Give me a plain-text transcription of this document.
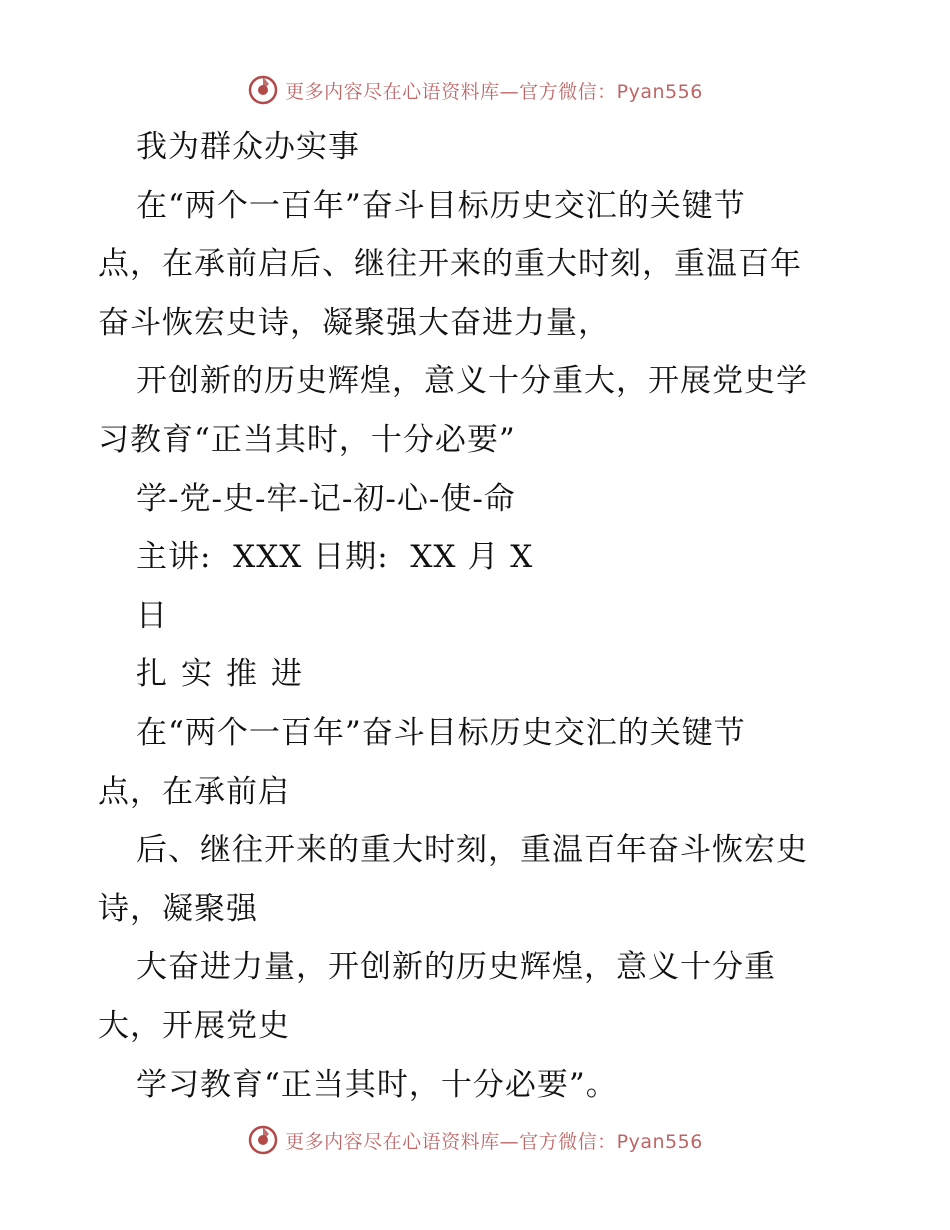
更多内容尽在心语资料库—官方微信：Pyan556
我为群众办实事
在“两个一百年”奋斗目标历史交汇的关键节
点，在承前启后、继往开来的重大时刻，重温百年
奋斗恢宏史诗，凝聚强大奋进力量，
开创新的历史辉煌，意义十分重大，开展党史学
习教育“正当其时，十分必要”
学-党-史-牢-记-初-心-使-命
主讲:  XXX 日期:  XX 月 X
日
扎实推进
在“两个一百年”奋斗目标历史交汇的关键节
点，在承前启
后、继往开来的重大时刻，重温百年奋斗恢宏史
诗，凝聚强
大奋进力量，开创新的历史辉煌，意义十分重
大，开展党史
学习教育“正当其时，十分必要”。
更多内容尽在心语资料库—官方微信：Pyan556
